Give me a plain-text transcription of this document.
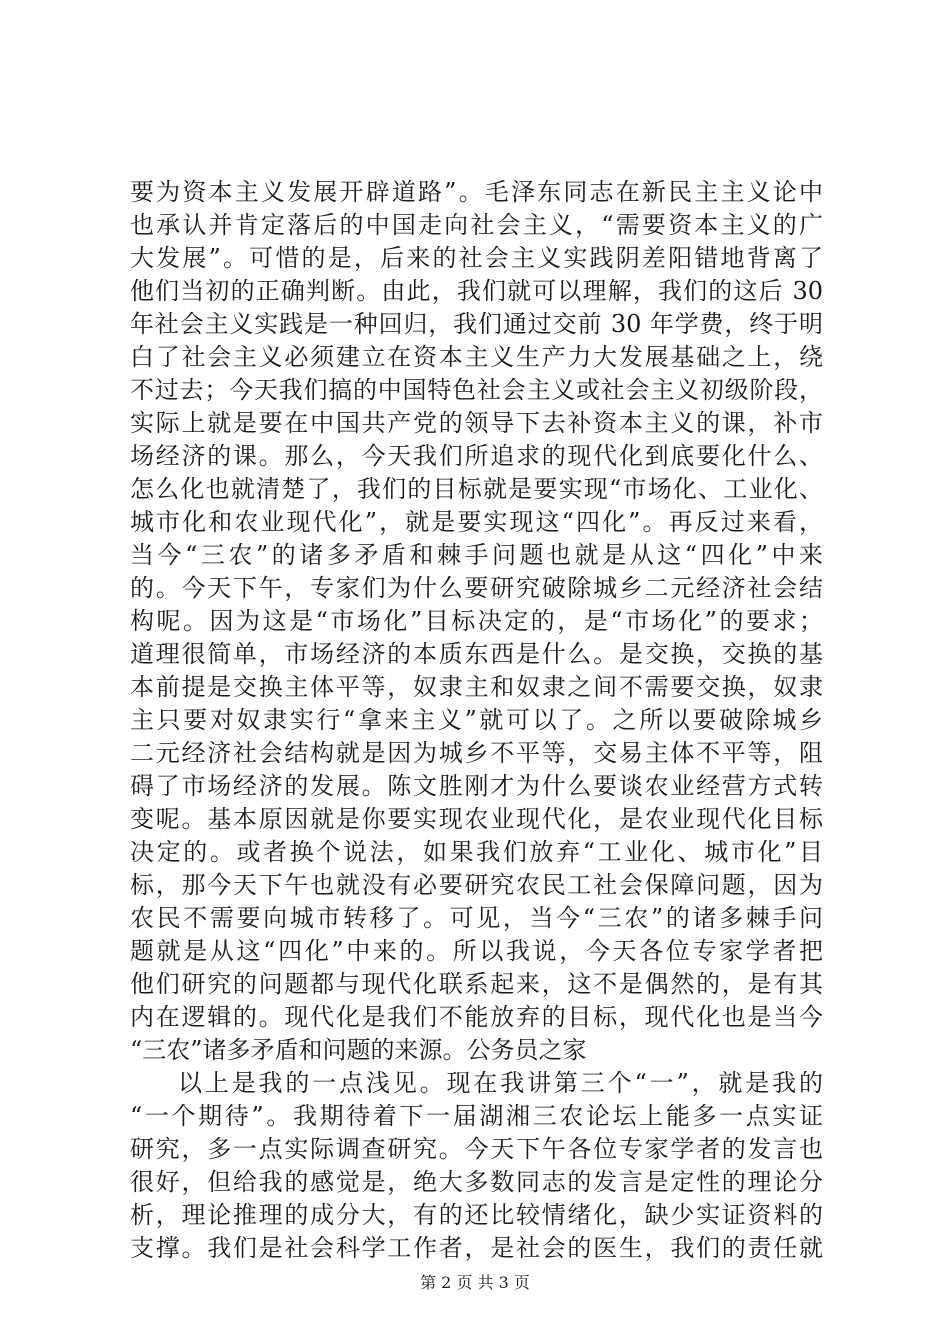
要为资本主义发展开辟道路”。毛泽东同志在新民主主义论中
也承认并肯定落后的中国走向社会主义，“需要资本主义的广
大发展”。可惜的是，后来的社会主义实践阴差阳错地背离了
他们当初的正确判断。由此，我们就可以理解，我们的这后 30
年社会主义实践是一种回归，我们通过交前 30 年学费，终于明
白了社会主义必须建立在资本主义生产力大发展基础之上，绕
不过去；今天我们搞的中国特色社会主义或社会主义初级阶段，
实际上就是要在中国共产党的领导下去补资本主义的课，补市
场经济的课。那么，今天我们所追求的现代化到底要化什么、
怎么化也就清楚了，我们的目标就是要实现“市场化、工业化、
城市化和农业现代化”，就是要实现这“四化”。再反过来看，
当今“三农”的诸多矛盾和棘手问题也就是从这“四化”中来
的。今天下午，专家们为什么要研究破除城乡二元经济社会结
构呢。因为这是“市场化”目标决定的，是“市场化”的要求；
道理很简单，市场经济的本质东西是什么。是交换，交换的基
本前提是交换主体平等，奴隶主和奴隶之间不需要交换，奴隶
主只要对奴隶实行“拿来主义”就可以了。之所以要破除城乡
二元经济社会结构就是因为城乡不平等，交易主体不平等，阻
碍了市场经济的发展。陈文胜刚才为什么要谈农业经营方式转
变呢。基本原因就是你要实现农业现代化，是农业现代化目标
决定的。或者换个说法，如果我们放弃“工业化、城市化”目
标，那今天下午也就没有必要研究农民工社会保障问题，因为
农民不需要向城市转移了。可见，当今“三农”的诸多棘手问
题就是从这“四化”中来的。所以我说，今天各位专家学者把
他们研究的问题都与现代化联系起来，这不是偶然的，是有其
内在逻辑的。现代化是我们不能放弃的目标，现代化也是当今
“三农”诸多矛盾和问题的来源。公务员之家
以上是我的一点浅见。现在我讲第三个“一”，就是我的
“一个期待”。我期待着下一届湖湘三农论坛上能多一点实证
研究，多一点实际调查研究。今天下午各位专家学者的发言也
很好，但给我的感觉是，绝大多数同志的发言是定性的理论分
析，理论推理的成分大，有的还比较情绪化，缺少实证资料的
支撑。我们是社会科学工作者，是社会的医生，我们的责任就
第 2 页 共 3 页
